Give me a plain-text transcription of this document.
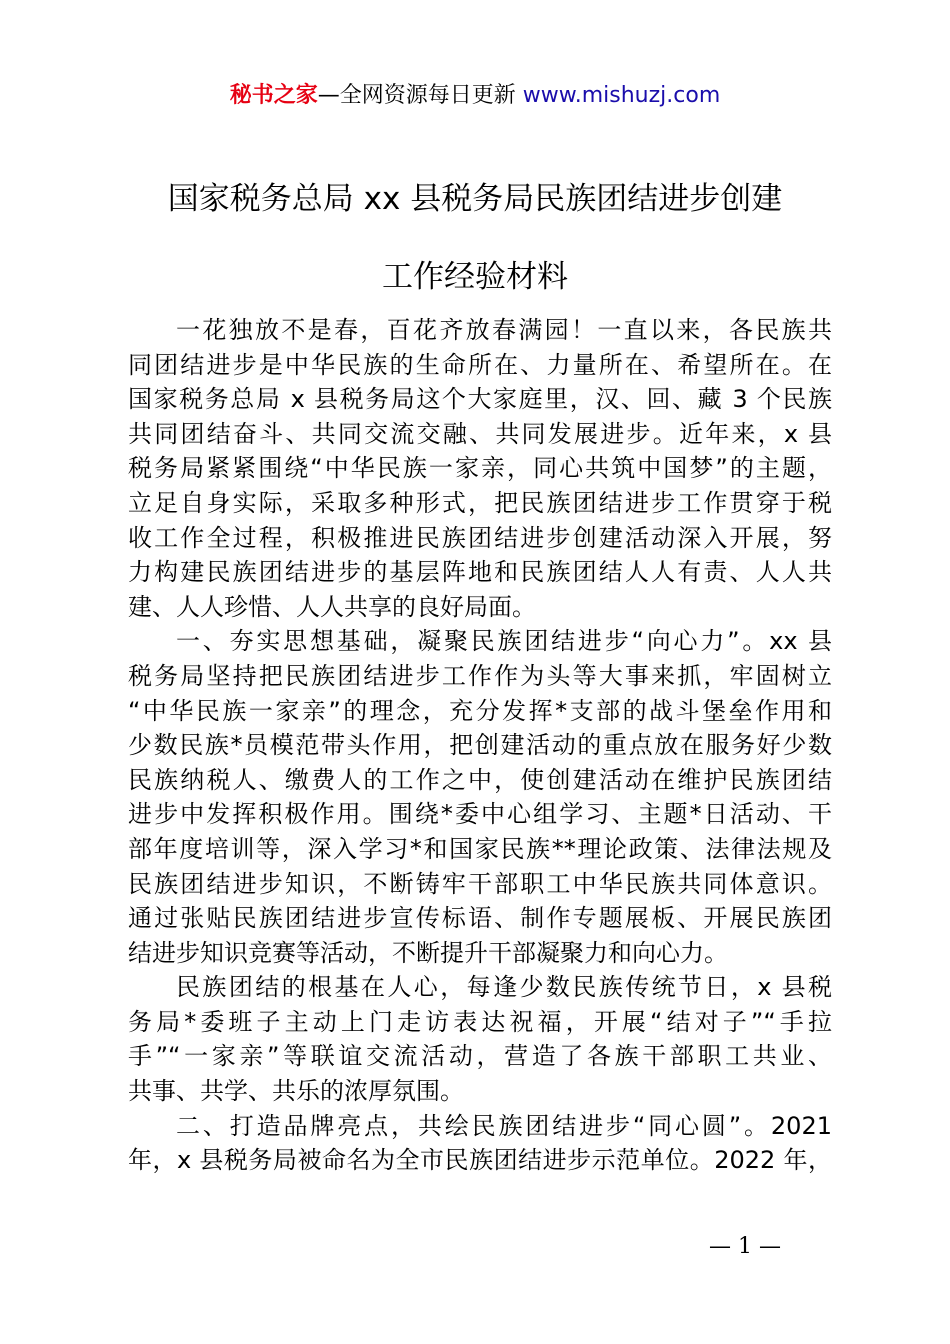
秘书之家—全网资源每日更新 www.mishuzj.com
国家税务总局 xx 县税务局民族团结进步创建
工作经验材料

一花独放不是春，百花齐放春满园！一直以来，各民族共
同团结进步是中华民族的生命所在、力量所在、希望所在。在
国家税务总局 x 县税务局这个大家庭里，汉、回、藏 3 个民族
共同团结奋斗、共同交流交融、共同发展进步。近年来，x 县
税务局紧紧围绕“中华民族一家亲，同心共筑中国梦”的主题，
立足自身实际，采取多种形式，把民族团结进步工作贯穿于税
收工作全过程，积极推进民族团结进步创建活动深入开展，努
力构建民族团结进步的基层阵地和民族团结人人有责、人人共
建、人人珍惜、人人共享的良好局面。

一、夯实思想基础，凝聚民族团结进步“向心力”。xx 县
税务局坚持把民族团结进步工作作为头等大事来抓，牢固树立
“中华民族一家亲”的理念，充分发挥*支部的战斗堡垒作用和
少数民族*员模范带头作用，把创建活动的重点放在服务好少数
民族纳税人、缴费人的工作之中，使创建活动在维护民族团结
进步中发挥积极作用。围绕*委中心组学习、主题*日活动、干
部年度培训等，深入学习*和国家民族**理论政策、法律法规及
民族团结进步知识，不断铸牢干部职工中华民族共同体意识。
通过张贴民族团结进步宣传标语、制作专题展板、开展民族团
结进步知识竞赛等活动，不断提升干部凝聚力和向心力。

民族团结的根基在人心，每逢少数民族传统节日，x 县税
务局*委班子主动上门走访表达祝福，开展“结对子”“手拉
手”“一家亲”等联谊交流活动，营造了各族干部职工共业、
共事、共学、共乐的浓厚氛围。

二、打造品牌亮点，共绘民族团结进步“同心圆”。2021
年，x 县税务局被命名为全市民族团结进步示范单位。2022 年，

— 1 —
